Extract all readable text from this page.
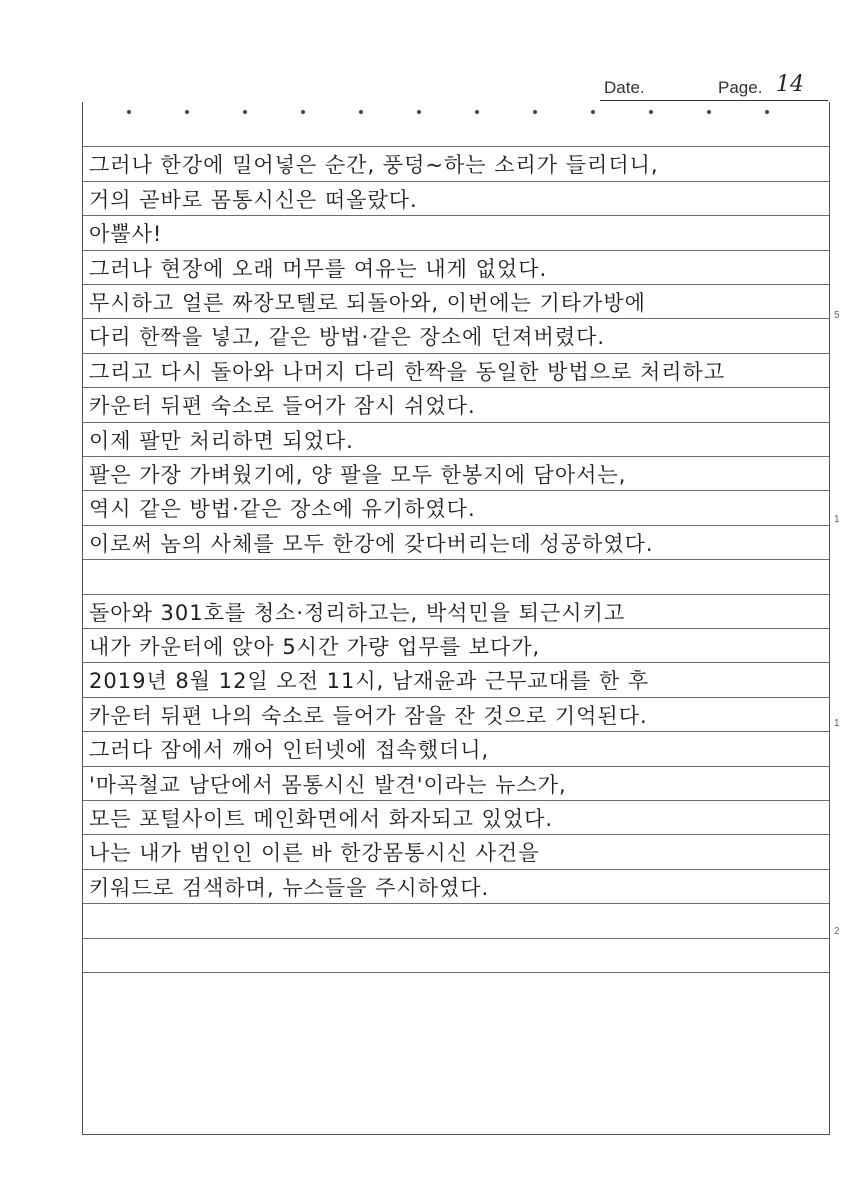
Date.	Page. 14
그러나 한강에 밀어넣은 순간, 풍덩~하는 소리가 들리더니,
거의 곧바로 몸통시신은 떠올랐다.
아뿔사!
그러나 현장에 오래 머무를 여유는 내게 없었다.
무시하고 얼른 짜장모텔로 되돌아와, 이번에는 기타가방에
다리 한짝을 넣고, 같은 방법·같은 장소에 던져버렸다.
그리고 다시 돌아와 나머지 다리 한짝을 동일한 방법으로 처리하고
카운터 뒤편 숙소로 들어가 잠시 쉬었다.
이제 팔만 처리하면 되었다.
팔은 가장 가벼웠기에, 양 팔을 모두 한봉지에 담아서는,
역시 같은 방법·같은 장소에 유기하였다.
이로써 놈의 사체를 모두 한강에 갖다버리는데 성공하였다.
돌아와 301호를 청소·정리하고는, 박석민을 퇴근시키고
내가 카운터에 앉아 5시간 가량 업무를 보다가,
2019년 8월 12일 오전 11시, 남재윤과 근무교대를 한 후
카운터 뒤편 나의 숙소로 들어가 잠을 잔 것으로 기억된다.
그러다 잠에서 깨어 인터넷에 접속했더니,
'마곡철교 남단에서 몸통시신 발견'이라는 뉴스가,
모든 포털사이트 메인화면에서 화자되고 있었다.
나는 내가 범인인 이른 바 한강몸통시신 사건을
키워드로 검색하며, 뉴스들을 주시하였다.
5
1
1
2
